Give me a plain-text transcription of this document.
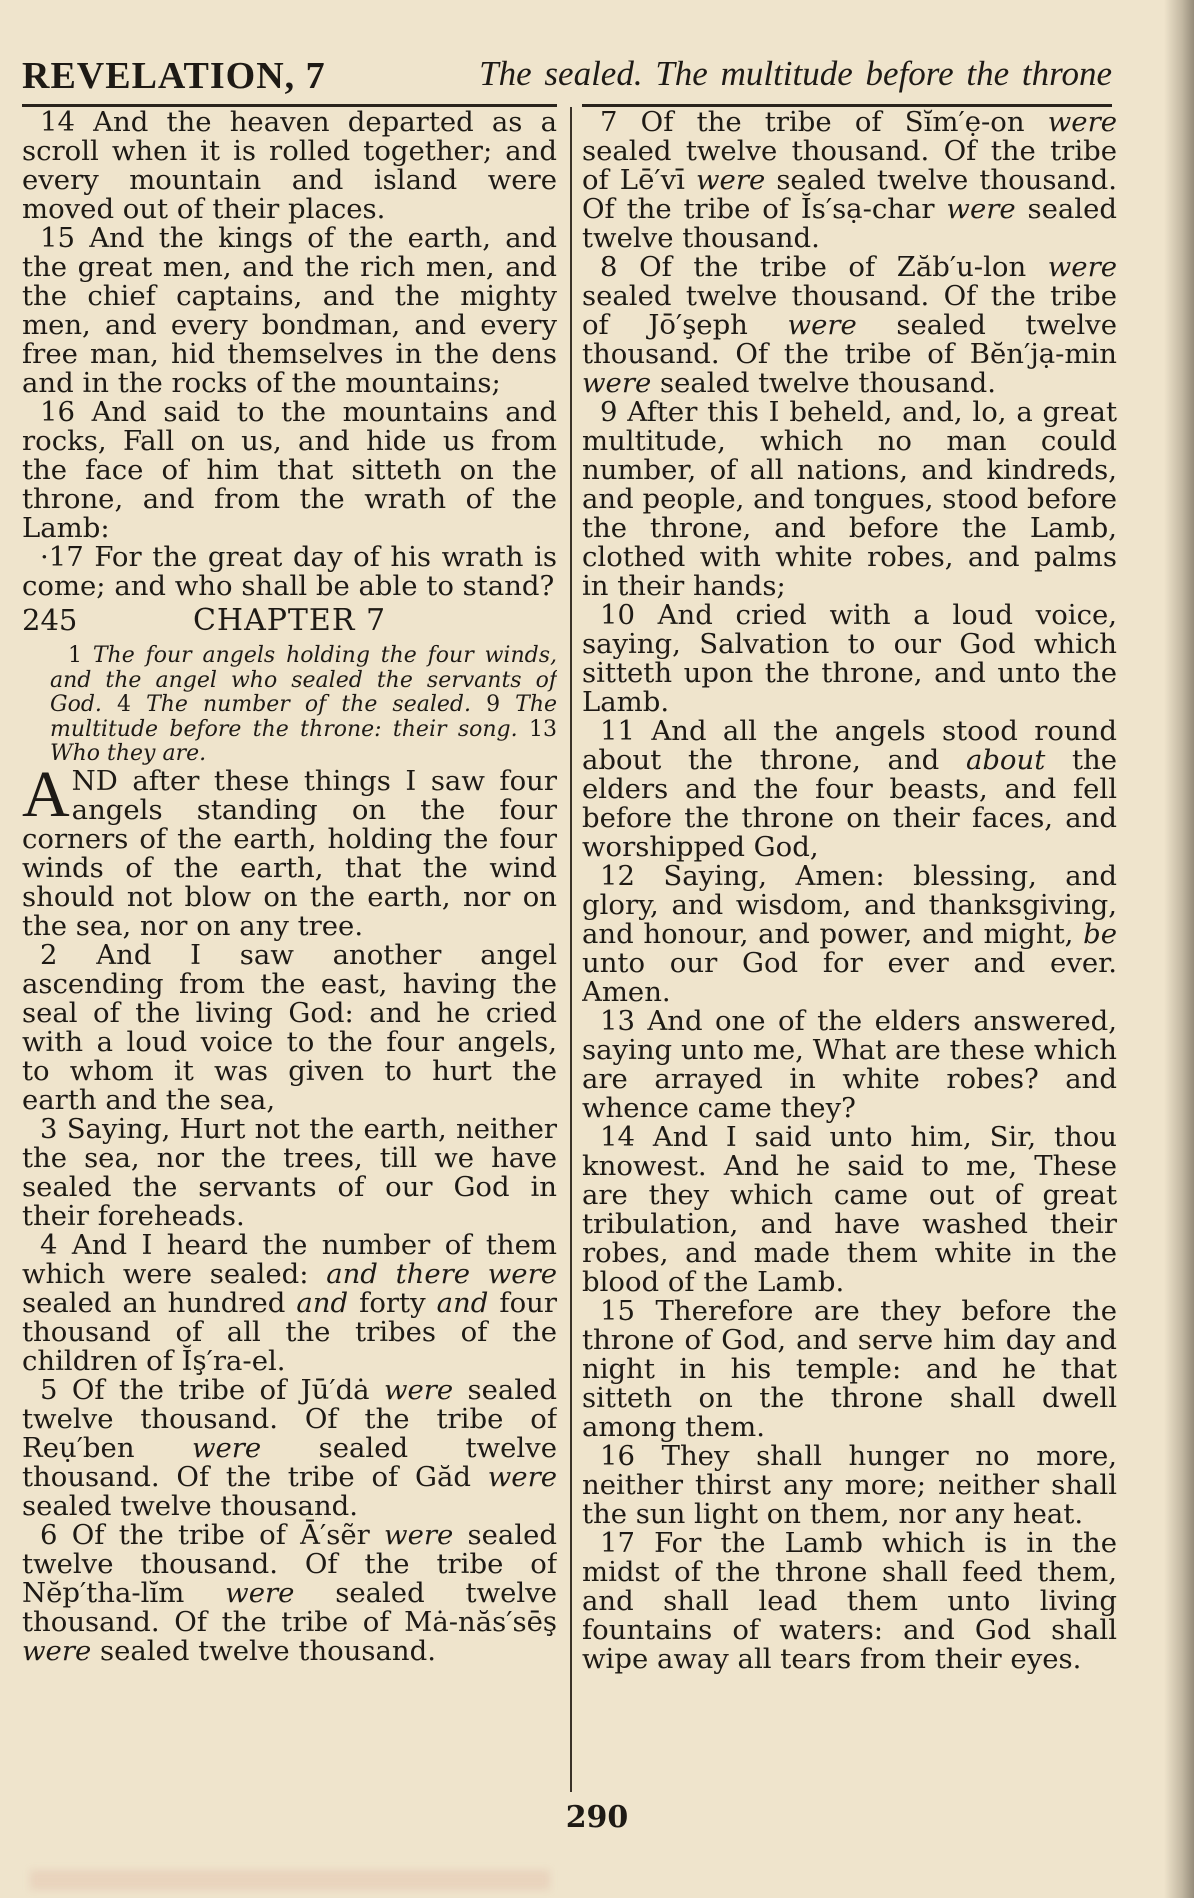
REVELATION, 7	The sealed. The multitude before the throne

14 And the heaven departed as a scroll when it is rolled together; and every mountain and island were moved out of their places.

15 And the kings of the earth, and the great men, and the rich men, and the chief captains, and the mighty men, and every bondman, and every free man, hid themselves in the dens and in the rocks of the mountains;

16 And said to the mountains and rocks, Fall on us, and hide us from the face of him that sitteth on the throne, and from the wrath of the Lamb:

·17 For the great day of his wrath is come; and who shall be able to stand?

245	CHAPTER 7

1 The four angels holding the four winds, and the angel who sealed the servants of God. 4 The number of the sealed. 9 The multitude before the throne: their song. 13 Who they are.

AND after these things I saw four angels standing on the four corners of the earth, holding the four winds of the earth, that the wind should not blow on the earth, nor on the sea, nor on any tree.

2 And I saw another angel ascending from the east, having the seal of the living God: and he cried with a loud voice to the four angels, to whom it was given to hurt the earth and the sea,

3 Saying, Hurt not the earth, neither the sea, nor the trees, till we have sealed the servants of our God in their foreheads.

4 And I heard the number of them which were sealed: and there were sealed an hundred and forty and four thousand of all the tribes of the children of Ĭş′ra-el.

5 Of the tribe of Jū′dȧ were sealed twelve thousand. Of the tribe of Reụ′ben were sealed twelve thousand. Of the tribe of Găd were sealed twelve thousand.

6 Of the tribe of Ā′sẽr were sealed twelve thousand. Of the tribe of Nĕp′tha-lĭm were sealed twelve thousand. Of the tribe of Mȧ-năs′sēş were sealed twelve thousand.

7 Of the tribe of Sĭm′ẹ-on were sealed twelve thousand. Of the tribe of Lē′vī were sealed twelve thousand. Of the tribe of Ĭs′sạ-char were sealed twelve thousand.

8 Of the tribe of Zăb′u-lon were sealed twelve thousand. Of the tribe of Jō′şeph were sealed twelve thousand. Of the tribe of Bĕn′jạ-min were sealed twelve thousand.

9 After this I beheld, and, lo, a great multitude, which no man could number, of all nations, and kindreds, and people, and tongues, stood before the throne, and before the Lamb, clothed with white robes, and palms in their hands;

10 And cried with a loud voice, saying, Salvation to our God which sitteth upon the throne, and unto the Lamb.

11 And all the angels stood round about the throne, and about the elders and the four beasts, and fell before the throne on their faces, and worshipped God,

12 Saying, Amen: blessing, and glory, and wisdom, and thanksgiving, and honour, and power, and might, be unto our God for ever and ever. Amen.

13 And one of the elders answered, saying unto me, What are these which are arrayed in white robes? and whence came they?

14 And I said unto him, Sir, thou knowest. And he said to me, These are they which came out of great tribulation, and have washed their robes, and made them white in the blood of the Lamb.

15 Therefore are they before the throne of God, and serve him day and night in his temple: and he that sitteth on the throne shall dwell among them.

16 They shall hunger no more, neither thirst any more; neither shall the sun light on them, nor any heat.

17 For the Lamb which is in the midst of the throne shall feed them, and shall lead them unto living fountains of waters: and God shall wipe away all tears from their eyes.

290
